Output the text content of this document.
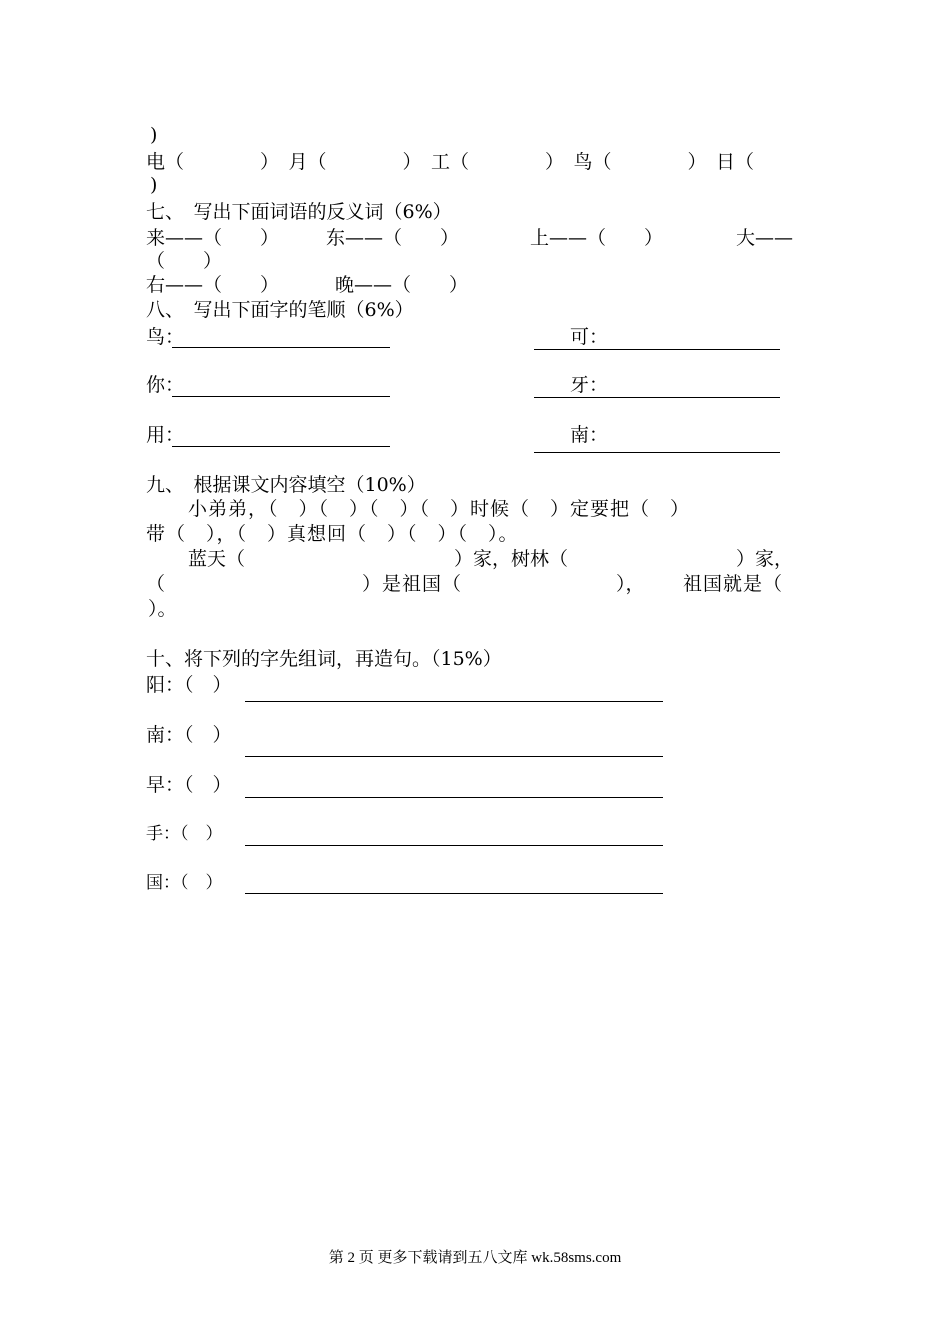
)
电（　　　　）　月（　　　　）　工（　　　　）　鸟（　　　　）　日（
)
七、　写出下面词语的反义词（6%）
来——（　　） 东——（　　）	上——（　　）	大——
（　　）
右——（　　）	晚——（　　）
八、　写出下面字的笔顺（6%）
鸟：	可：
你：	牙：
用：	南：
九、　根据课文内容填空（10%）
小弟弟，（　）（　）（　）（　）时候（　）定要把（　）
带（　），（　）真想回（　）（　）（　）。
蓝天（	）家，树林（	）家，
（	）是祖国（	）， 祖国就是（
）。
十、将下列的字先组词，再造句。（15%）
阳：（　）
南：（　）
早：（　）
手：（　）
国：（　）
第 2 页 更多下载请到五八文库 wk.58sms.com
